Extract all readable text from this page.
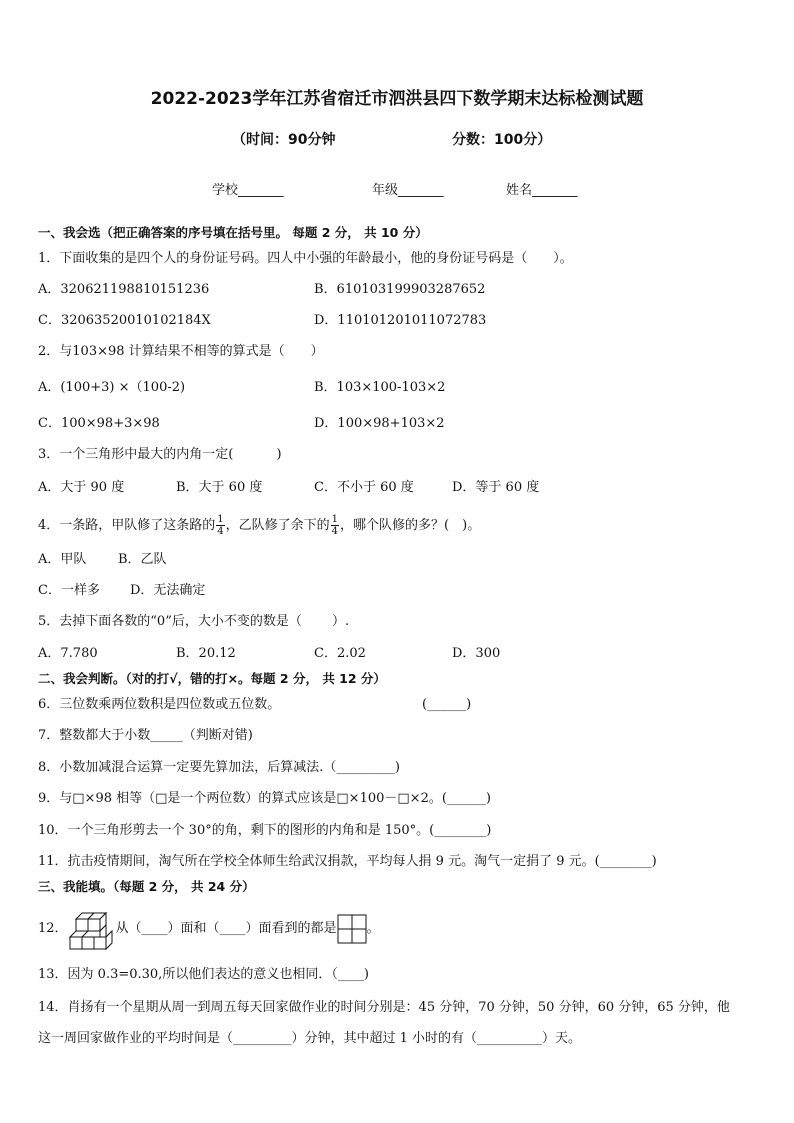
2022-2023学年江苏省宿迁市泗洪县四下数学期末达标检测试题
（时间：90分钟	分数：100分）
学校_______	年级_______	姓名_______
一、我会选（把正确答案的序号填在括号里。 每题 2 分， 共 10 分）
1．下面收集的是四个人的身份证号码。四人中小强的年龄最小，他的身份证号码是（　　）。
A．320621198810151236	B．610103199903287652
C．32063520010102184X	D．110101201011072783
2．与103×98 计算结果不相等的算式是（　　）
A．(100+3) ×（100-2)	B．103×100-103×2
C．100×98+3×98	D．100×98+103×2
3．一个三角形中最大的内角一定(　　　 )
A．大于 90 度	B．大于 60 度	C．不小于 60 度	D．等于 60 度
4．一条路，甲队修了这条路的 $\frac{1}{4}$ ，乙队修了余下的 $\frac{1}{4}$ ，哪个队修的多？(　)。
A．甲队 B．乙队
C．一样多 D．无法确定
5．去掉下面各数的“0”后，大小不变的数是（　　 ）.
A．7.780	B．20.12	C．2.02	D．300
二、我会判断。（对的打√，错的打×。每题 2 分， 共 12 分）
6．三位数乘两位数积是四位数或五位数。	(______)
7．整数都大于小数_____（判断对错)
8．小数加减混合运算一定要先算加法，后算减法.（_________)
9．与□×98 相等（□是一个两位数）的算式应该是□×100－□×2。(______)
10．一个三角形剪去一个 30°的角，剩下的图形的内角和是 150°。(________)
11．抗击疫情期间，淘气所在学校全体师生给武汉捐款，平均每人捐 9 元。淘气一定捐了 9 元。(________)
三、我能填。（每题 2 分， 共 24 分）
12．	从（____）面和（____）面看到的都是 。
13．因为 0.3=0.30,所以他们表达的意义也相同．（____)
14．肖扬有一个星期从周一到周五每天回家做作业的时间分别是：45 分钟，70 分钟，50 分钟，60 分钟，65 分钟，他
这一周回家做作业的平均时间是（_________）分钟，其中超过 1 小时的有（__________）天。
